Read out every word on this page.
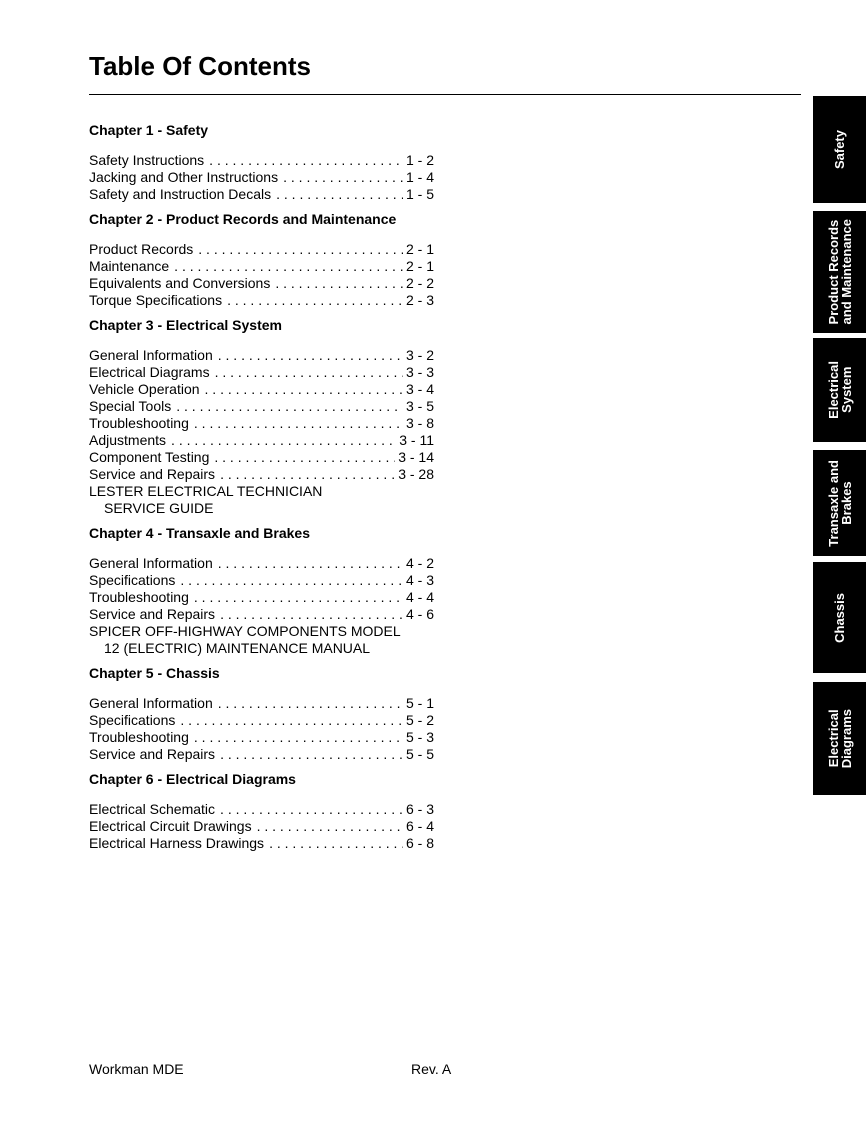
Table Of Contents
Chapter 1 - Safety
Safety Instructions . . .	1 - 2
Jacking and Other Instructions . . .	1 - 4
Safety and Instruction Decals . . .	1 - 5
Chapter 2 - Product Records and Maintenance
Product Records . . .	2 - 1
Maintenance . . .	2 - 1
Equivalents and Conversions . . .	2 - 2
Torque Specifications . . .	2 - 3
Chapter 3 - Electrical System
General Information . . .	3 - 2
Electrical Diagrams . . .	3 - 3
Vehicle Operation . . .	3 - 4
Special Tools . . .	3 - 5
Troubleshooting . . .	3 - 8
Adjustments . . .	3 - 11
Component Testing . . .	3 - 14
Service and Repairs . . .	3 - 28

LESTER ELECTRICAL TECHNICIAN
SERVICE GUIDE

Chapter 4 - Transaxle and Brakes
General Information . . .	4 - 2
Specifications . . .	4 - 3
Troubleshooting . . .	4 - 4
Service and Repairs . . .	4 - 6

SPICER OFF-HIGHWAY COMPONENTS MODEL
12 (ELECTRIC) MAINTENANCE MANUAL

Chapter 5 - Chassis
General Information . . .	5 - 1
Specifications . . .	5 - 2
Troubleshooting . . .	5 - 3
Service and Repairs . . .	5 - 5
Chapter 6 - Electrical Diagrams
Electrical Schematic . . .	6 - 3
Electrical Circuit Drawings . . .	6 - 4
Electrical Harness Drawings . . .	6 - 8
Safety
Product Records
and Maintenance
Electrical
System
Transaxle and
Brakes
Chassis
Electrical
Diagrams
Workman MDE	Rev. A
